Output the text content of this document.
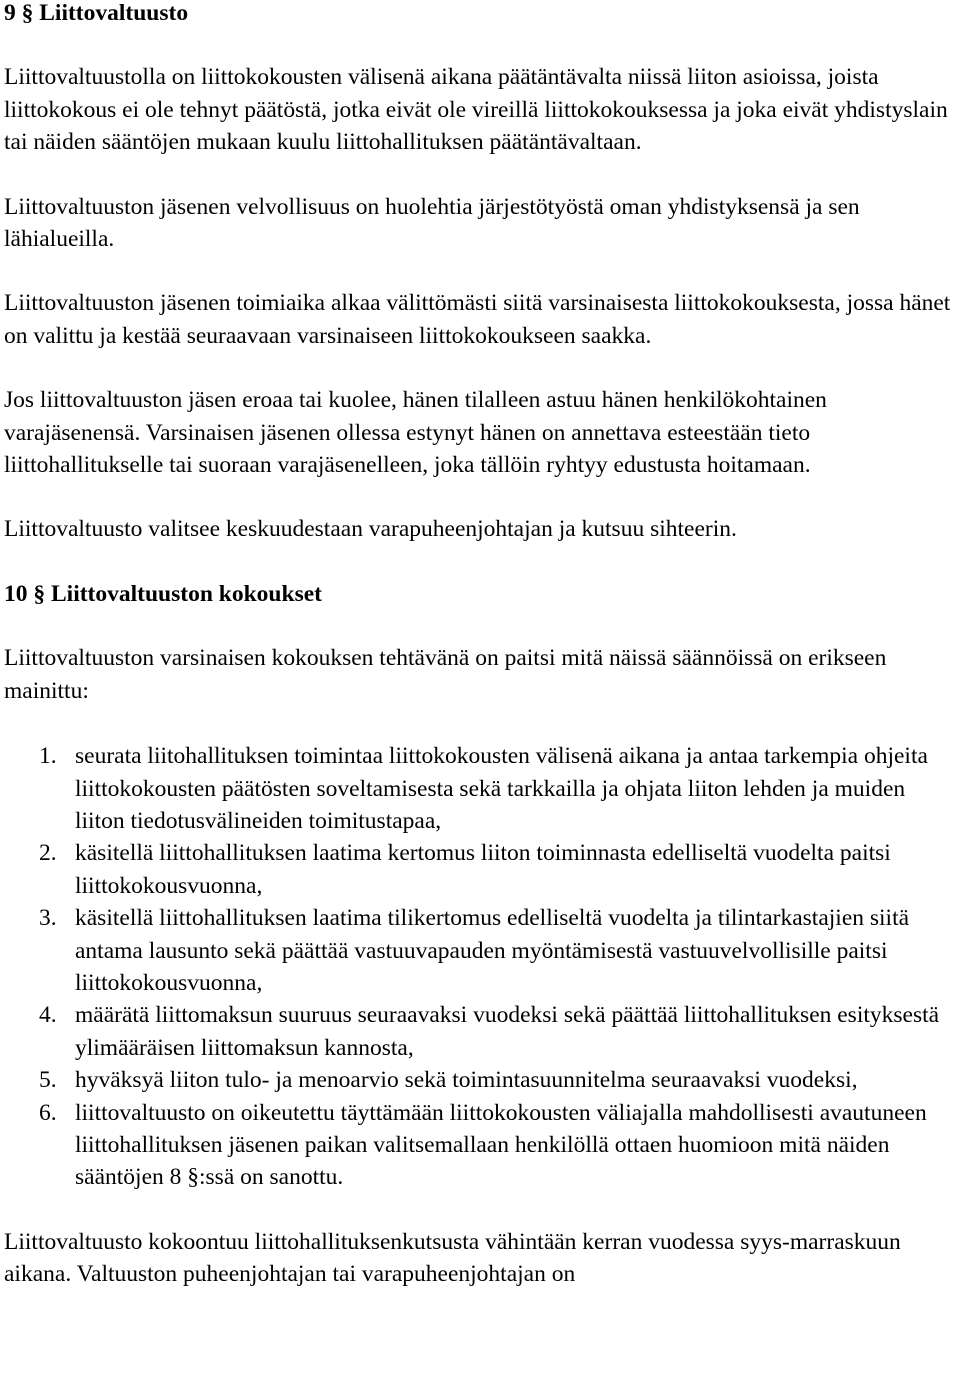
9 § Liittovaltuusto

Liittovaltuustolla on liittokokousten välisenä aikana päätäntävalta niissä liiton asioissa, joista liittokokous ei ole tehnyt päätöstä, jotka eivät ole vireillä liittokokouksessa ja joka eivät yhdistyslain tai näiden sääntöjen mukaan kuulu liittohallituksen päätäntävaltaan.

Liittovaltuuston jäsenen velvollisuus on huolehtia järjestötyöstä oman yhdistyksensä ja sen lähialueilla.

Liittovaltuuston jäsenen toimiaika alkaa välittömästi siitä varsinaisesta liittokokouksesta, jossa hänet on valittu ja kestää seuraavaan varsinaiseen liittokokoukseen saakka.

Jos liittovaltuuston jäsen eroaa tai kuolee, hänen tilalleen astuu hänen henkilökohtainen varajäsenensä. Varsinaisen jäsenen ollessa estynyt hänen on annettava esteestään tieto liittohallitukselle tai suoraan varajäsenelleen, joka tällöin ryhtyy edustusta hoitamaan.

Liittovaltuusto valitsee keskuudestaan varapuheenjohtajan ja kutsuu sihteerin.

10 § Liittovaltuuston kokoukset

Liittovaltuuston varsinaisen kokouksen tehtävänä on paitsi mitä näissä säännöissä on erikseen mainittu:

1. seurata liitohallituksen toimintaa liittokokousten välisenä aikana ja antaa tarkempia ohjeita liittokokousten päätösten soveltamisesta sekä tarkkailla ja ohjata liiton lehden ja muiden liiton tiedotusvälineiden toimitustapaa,
2. käsitellä liittohallituksen laatima kertomus liiton toiminnasta edelliseltä vuodelta paitsi liittokokousvuonna,
3. käsitellä liittohallituksen laatima tilikertomus edelliseltä vuodelta ja tilintarkastajien siitä antama lausunto sekä päättää vastuuvapauden myöntämisestä vastuuvelvollisille paitsi liittokokousvuonna,
4. määrätä liittomaksun suuruus seuraavaksi vuodeksi sekä päättää liittohallituksen esityksestä ylimääräisen liittomaksun kannosta,
5. hyväksyä liiton tulo- ja menoarvio sekä toimintasuunnitelma seuraavaksi vuodeksi,
6. liittovaltuusto on oikeutettu täyttämään liittokokousten väliajalla mahdollisesti avautuneen liittohallituksen jäsenen paikan valitsemallaan henkilöllä ottaen huomioon mitä näiden sääntöjen 8 §:ssä on sanottu.

Liittovaltuusto kokoontuu liittohallituksenkutsusta vähintään kerran vuodessa syys-marraskuun aikana. Valtuuston puheenjohtajan tai varapuheenjohtajan on
